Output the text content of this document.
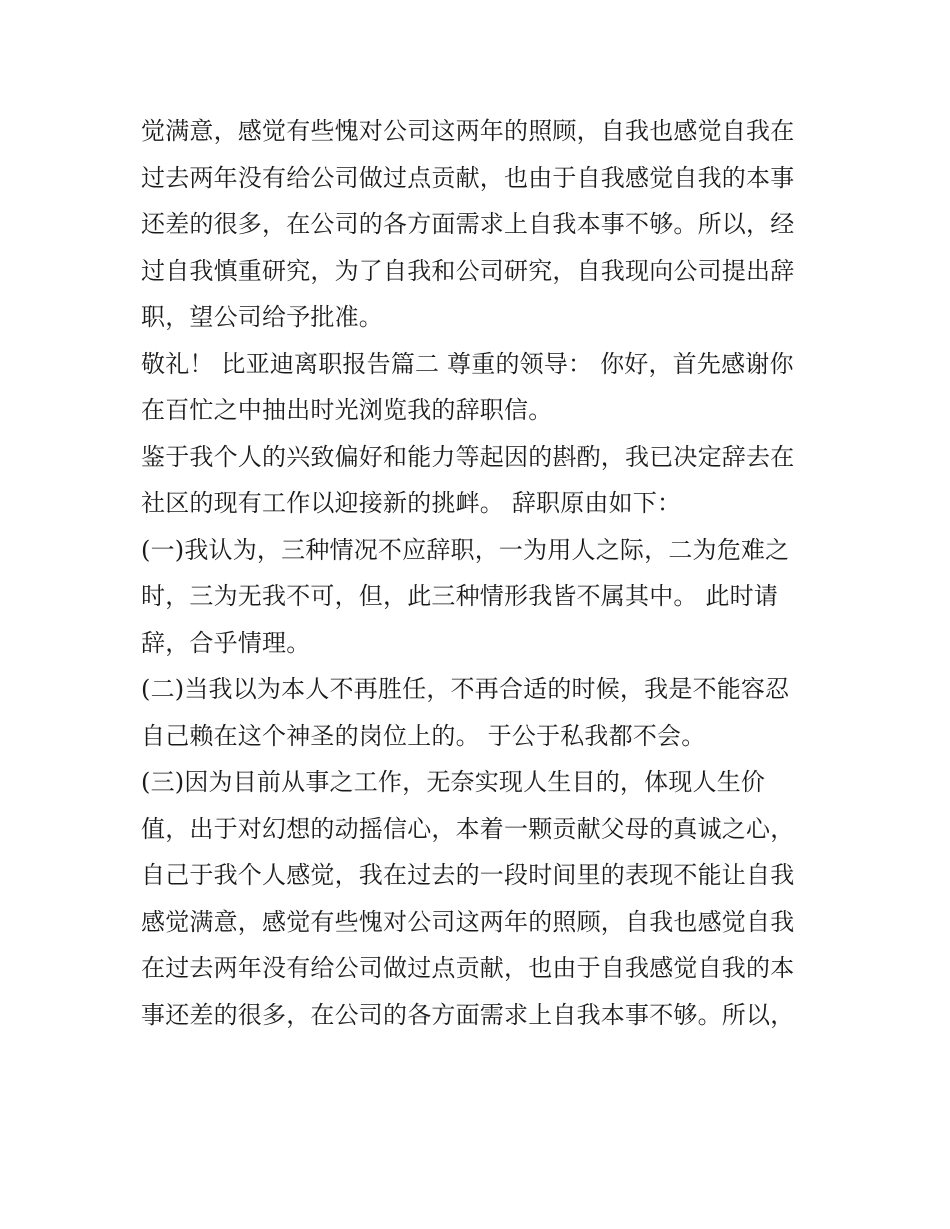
觉满意，感觉有些愧对公司这两年的照顾，自我也感觉自我在过去两年没有给公司做过点贡献，也由于自我感觉自我的本事还差的很多，在公司的各方面需求上自我本事不够。所以，经过自我慎重研究，为了自我和公司研究，自我现向公司提出辞职，望公司给予批准。

敬礼！ 比亚迪离职报告篇二 尊重的领导： 你好，首先感谢你在百忙之中抽出时光浏览我的辞职信。

鉴于我个人的兴致偏好和能力等起因的斟酌，我已决定辞去在社区的现有工作以迎接新的挑衅。 辞职原由如下：

(一)我认为，三种情况不应辞职，一为用人之际，二为危难之时，三为无我不可，但，此三种情形我皆不属其中。 此时请辞，合乎情理。

(二)当我以为本人不再胜任，不再合适的时候，我是不能容忍自己赖在这个神圣的岗位上的。 于公于私我都不会。

(三)因为目前从事之工作，无奈实现人生目的，体现人生价值，出于对幻想的动摇信心，本着一颗贡献父母的真诚之心，自己于我个人感觉，我在过去的一段时间里的表现不能让自我感觉满意，感觉有些愧对公司这两年的照顾，自我也感觉自我在过去两年没有给公司做过点贡献，也由于自我感觉自我的本事还差的很多，在公司的各方面需求上自我本事不够。所以，
